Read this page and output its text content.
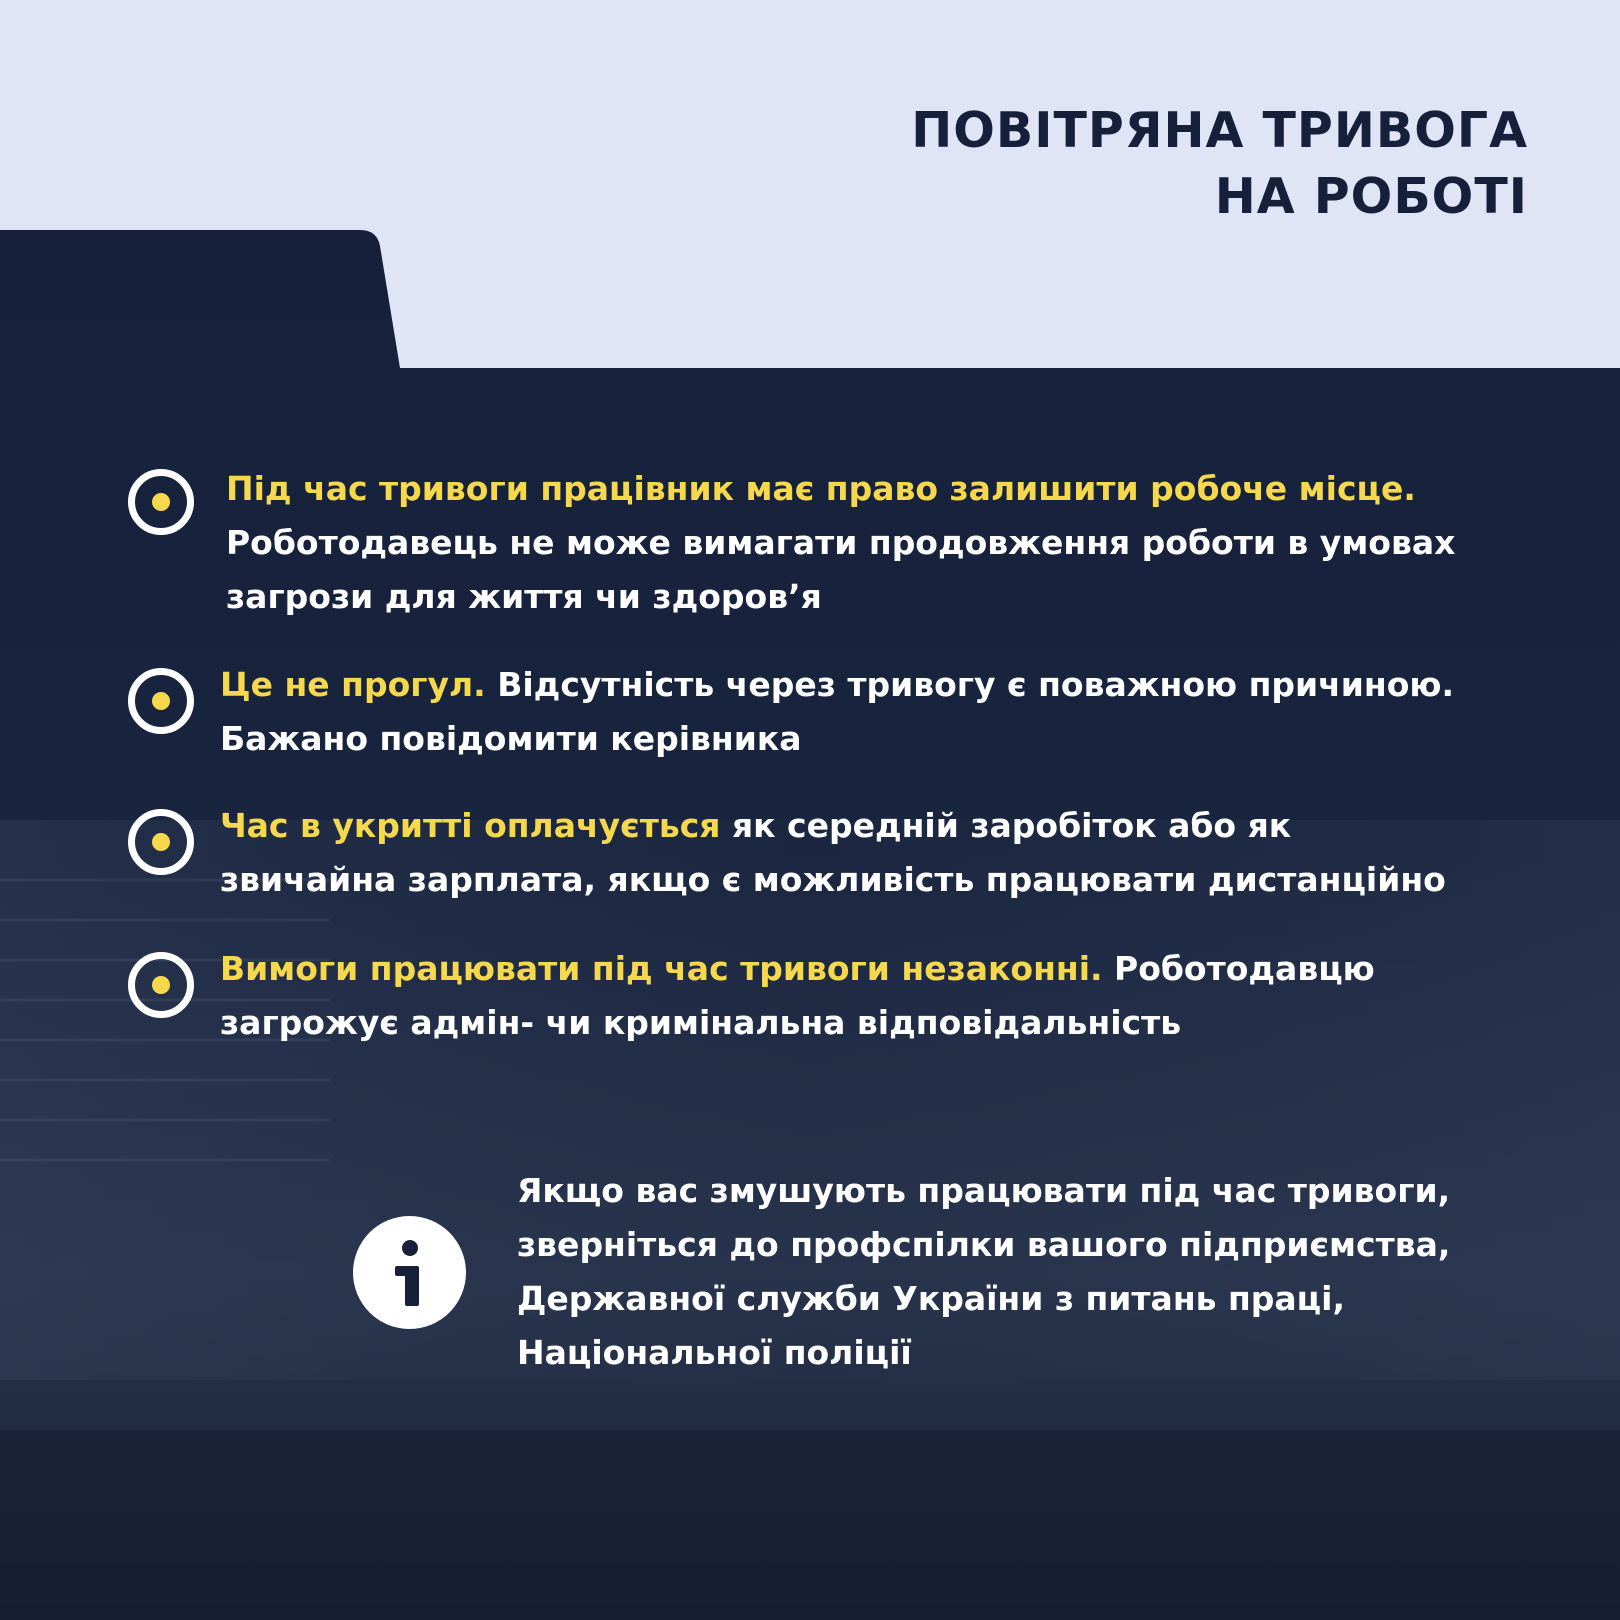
ПОВІТРЯНА ТРИВОГА
НА РОБОТІ
Під час тривоги працівник має право залишити робоче місце.
Роботодавець не може вимагати продовження роботи в умовах
загрози для життя чи здоров’я
Це не прогул. Відсутність через тривогу є поважною причиною.
Бажано повідомити керівника
Час в укритті оплачується як середній заробіток або як
звичайна зарплата, якщо є можливість працювати дистанційно
Вимоги працювати під час тривоги незаконні. Роботодавцю
загрожує адмін- чи кримінальна відповідальність
Якщо вас змушують працювати під час тривоги,
зверніться до профспілки вашого підприємства,
Державної служби України з питань праці,
Національної поліції
